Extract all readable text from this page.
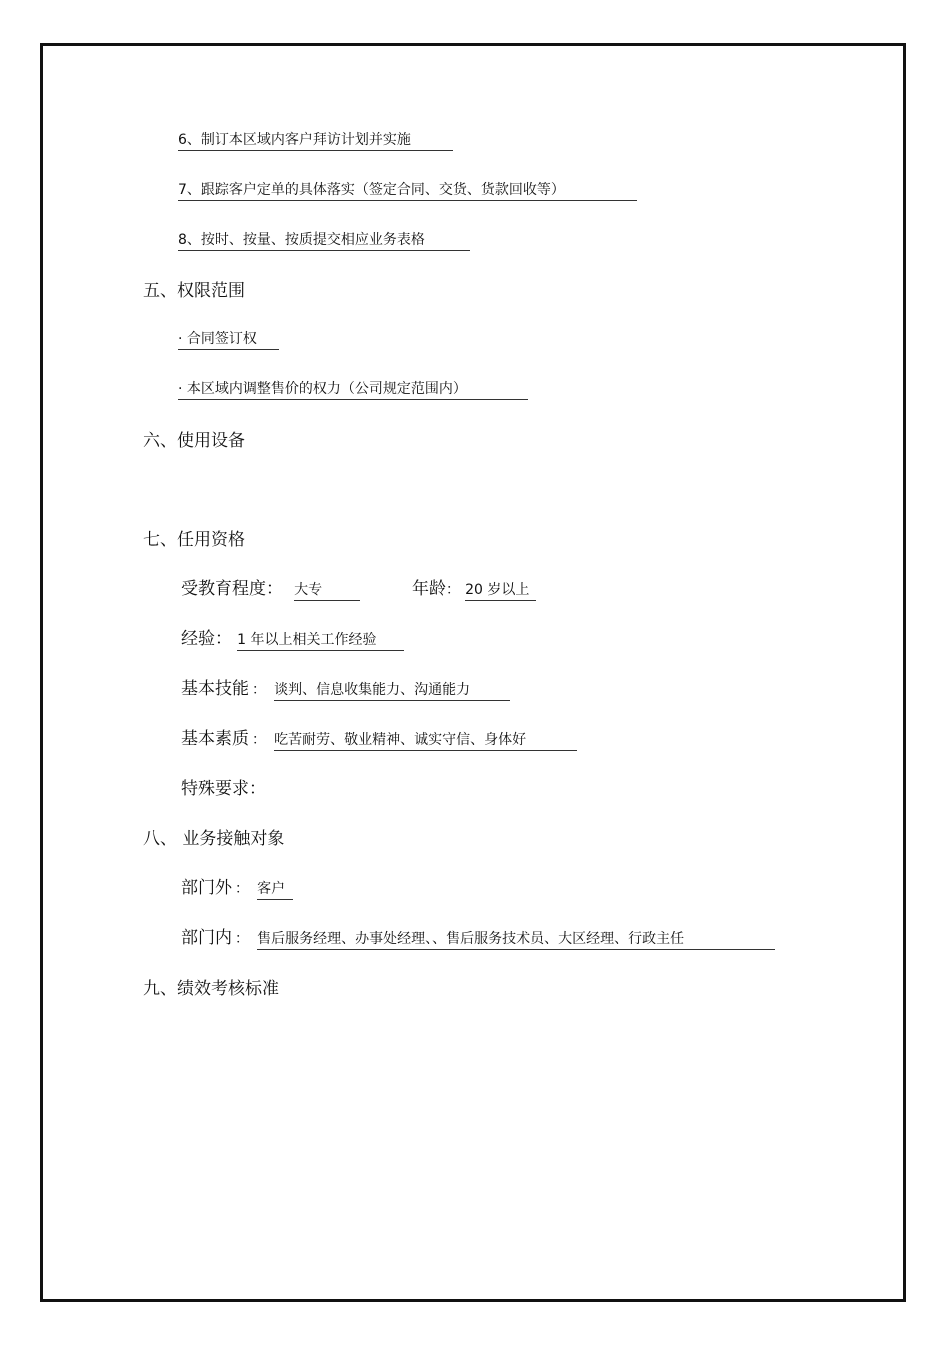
6、制订本区域内客户拜访计划并实施
7、跟踪客户定单的具体落实（签定合同、交货、货款回收等）
8、按时、按量、按质提交相应业务表格
五、权限范围
· 合同签订权
· 本区域内调整售价的权力（公司规定范围内）
六、使用设备
七、任用资格
受教育程度： 大专	年龄： 20 岁以上
经验： 1 年以上相关工作经验
基本技能 ： 谈判、信息收集能力、沟通能力
基本素质 ： 吃苦耐劳、敬业精神、诚实守信、身体好
特殊要求：
八、 业务接触对象
部门外 ： 客户
部门内 ： 售后服务经理、办事处经理、、售后服务技术员、大区经理、行政主任
九、绩效考核标准
